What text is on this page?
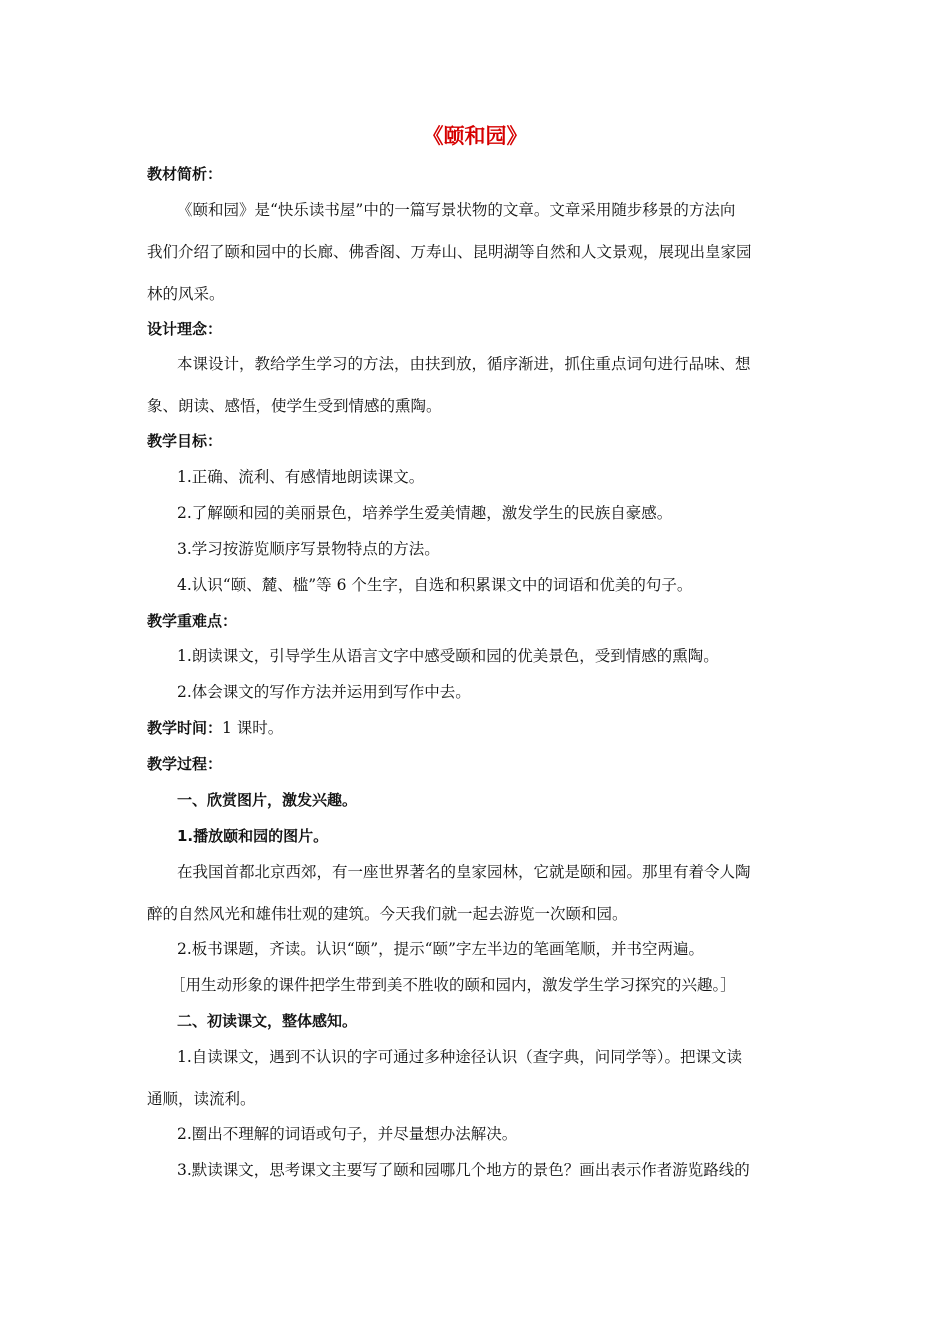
《颐和园》
教材简析：
《颐和园》是“快乐读书屋”中的一篇写景状物的文章。文章采用随步移景的方法向
我们介绍了颐和园中的长廊、佛香阁、万寿山、昆明湖等自然和人文景观，展现出皇家园
林的风采。
设计理念：
本课设计，教给学生学习的方法，由扶到放，循序渐进，抓住重点词句进行品味、想
象、朗读、感悟，使学生受到情感的熏陶。
教学目标：
1.正确、流利、有感情地朗读课文。
2.了解颐和园的美丽景色，培养学生爱美情趣，激发学生的民族自豪感。
3.学习按游览顺序写景物特点的方法。
4.认识“颐、麓、槛”等 6 个生字，自选和积累课文中的词语和优美的句子。
教学重难点：
1.朗读课文，引导学生从语言文字中感受颐和园的优美景色，受到情感的熏陶。
2.体会课文的写作方法并运用到写作中去。
教学时间：1 课时。
教学过程：
一、欣赏图片，激发兴趣。
1.播放颐和园的图片。
在我国首都北京西郊，有一座世界著名的皇家园林，它就是颐和园。那里有着令人陶
醉的自然风光和雄伟壮观的建筑。今天我们就一起去游览一次颐和园。
2.板书课题，齐读。认识“颐”，提示“颐”字左半边的笔画笔顺，并书空两遍。
［用生动形象的课件把学生带到美不胜收的颐和园内，激发学生学习探究的兴趣。］
二、初读课文，整体感知。
1.自读课文，遇到不认识的字可通过多种途径认识（查字典，问同学等）。把课文读
通顺，读流利。
2.圈出不理解的词语或句子，并尽量想办法解决。
3.默读课文，思考课文主要写了颐和园哪几个地方的景色？画出表示作者游览路线的
